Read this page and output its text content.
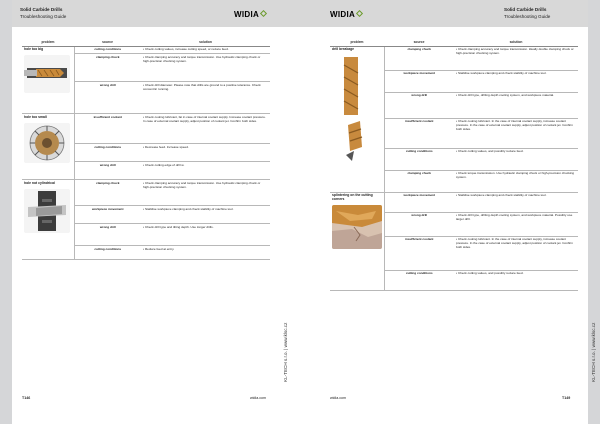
Solid Carbide Drills
Troubleshooting Guide	WIDIA
problem	source	solution

hole too big	cutting conditions	• Check cutting values, increase cutting speed, or reduce feed.
	clamping chuck	• Check clamping accuracy and torque transmission. Use hydraulic clamping chuck or high-precision chucking system.
	wrong drill	• Check drill diameter. Please note that drills are ground to a positive tolerance. Check concentric running.

hole too small	insufficient coolant	• Check cooling lubricant, fat in case of internal coolant supply. Increase coolant pressure. In case of external coolant supply, adjust position of coolant jet. Confirm both sides.
	cutting conditions	• Decrease feed. Increase speed.
	wrong drill	• Check cutting edge of drill w.

hole not cylindrical	clamping chuck	• Check clamping accuracy and torque transmission. Use hydraulic clamping chuck or high-precision chucking system.
	workpiece movement	• Stabilise workpiece clamping and check stability of machine tool.
	wrong drill	• Check drill type and tilting depth. Use longer drills.
	cutting conditions	• Reduce feed at entry.
T146	widia.com
KL-TECH s.r.o. | www.klsc.cz
WIDIA
Solid Carbide Drills
Troubleshooting Guide
problem	source	solution

drill breakage	clamping chuck	• Check clamping accuracy and torque transmission. Ideally double clamping chuck or high-precision chucking system.
	workpiece movement	• Stabilise workpiece clamping and check stability of machine tool.
	wrong drill	• Check drill type, drilling depth cooling system, and workpiece material.
	insufficient coolant	• Check cooling lubricant. In the case of internal coolant supply, increase coolant pressure. In the case of external coolant supply, adjust position of coolant jet. Confirm both sides.
	cutting conditions	• Check cutting values, and possibly reduce feed.
	clamping chuck	• Check torque transmission. Use hydraulic clamping chuck or high-precision chucking system.

splintering on the cutting corners	workpiece movement	• Stabilise workpiece clamping and check stability of machine tool.
	wrong drill	• Check drill type, drilling depth cooling system, and workpiece material. Possibly use larger drill.
	insufficient coolant	• Check cooling lubricant. In the case of internal coolant supply, increase coolant pressure. In the case of external coolant supply, adjust position of coolant jet. Confirm both sides.
	cutting conditions	• Check cutting values, and possibly reduce feed.
widia.com	T149
KL-TECH s.r.o. | www.klsc.cz
